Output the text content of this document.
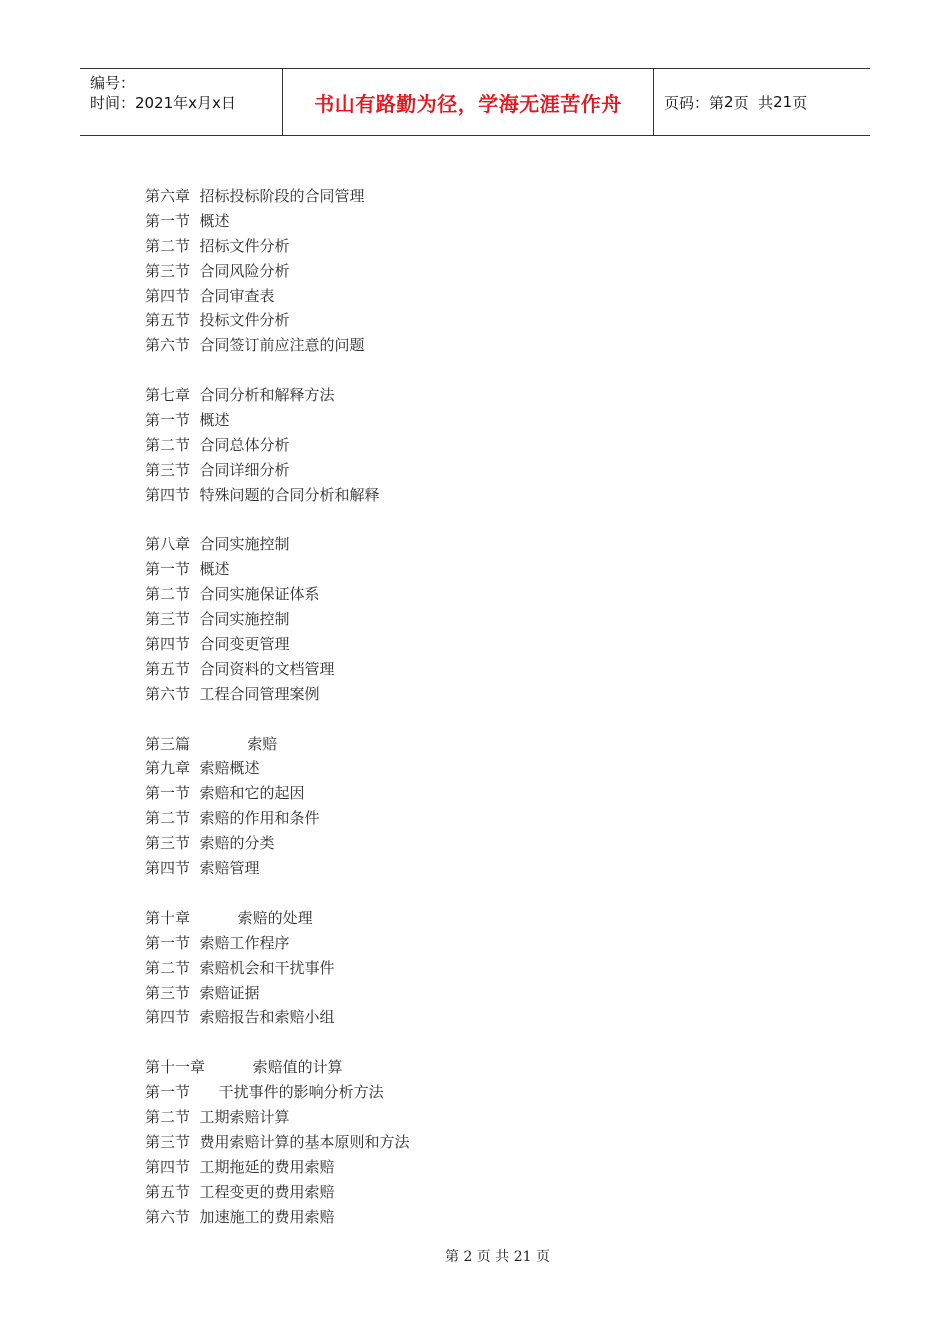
编号：
时间：2021年x月x日	书山有路勤为径，学海无涯苦作舟	页码：第 2 页  共 21 页
第六章  招标投标阶段的合同管理
第一节  概述
第二节  招标文件分析
第三节  合同风险分析
第四节  合同审查表
第五节  投标文件分析
第六节  合同签订前应注意的问题
第七章  合同分析和解释方法
第一节  概述
第二节  合同总体分析
第三节  合同详细分析
第四节  特殊问题的合同分析和解释
第八章  合同实施控制
第一节  概述
第二节  合同实施保证体系
第三节  合同实施控制
第四节  合同变更管理
第五节  合同资料的文档管理
第六节  工程合同管理案例
第三篇            索赔
第九章  索赔概述
第一节  索赔和它的起因
第二节  索赔的作用和条件
第三节  索赔的分类
第四节  索赔管理
第十章          索赔的处理
第一节  索赔工作程序
第二节  索赔机会和干扰事件
第三节  索赔证据
第四节  索赔报告和索赔小组
第十一章          索赔值的计算
第一节      干扰事件的影响分析方法
第二节  工期索赔计算
第三节  费用索赔计算的基本原则和方法
第四节  工期拖延的费用索赔
第五节  工程变更的费用索赔
第六节  加速施工的费用索赔
第 2 页 共 21 页
